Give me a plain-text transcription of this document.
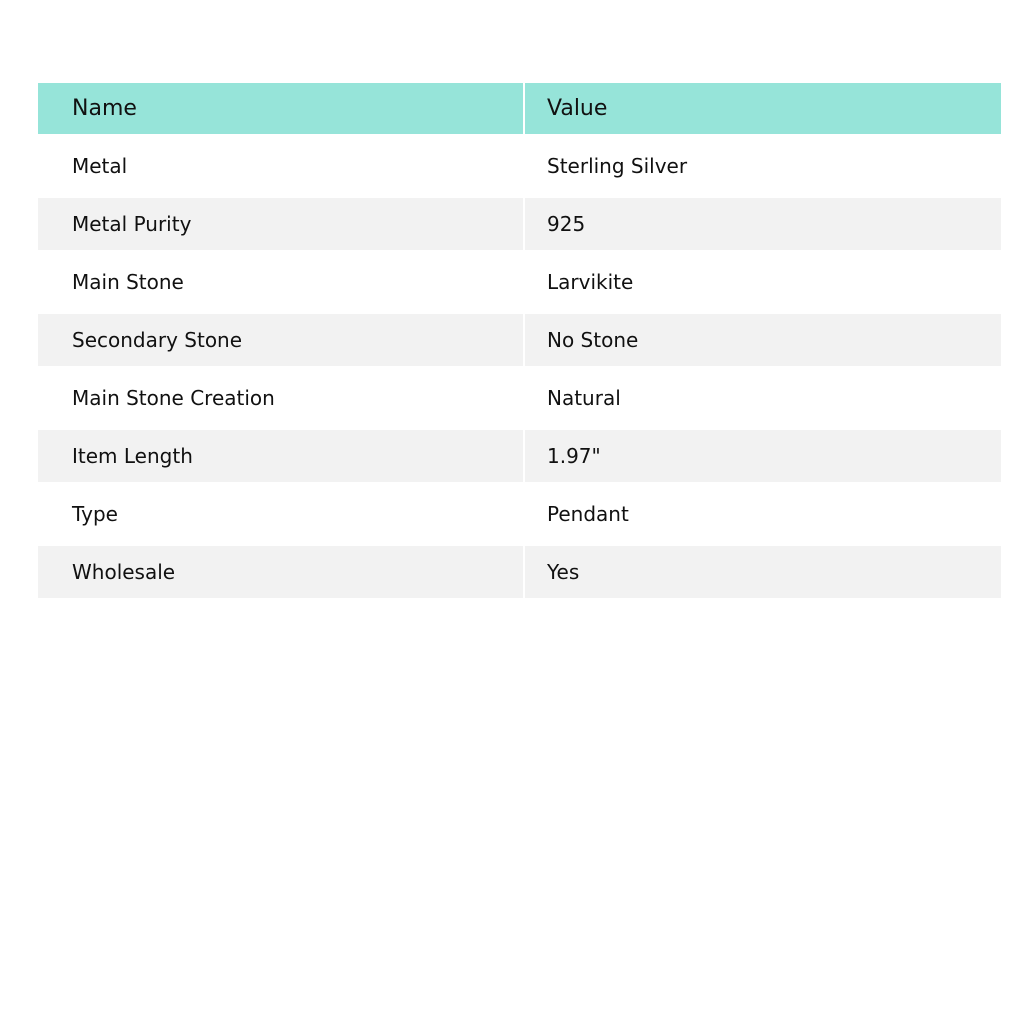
Name	Value
Metal	Sterling Silver
Metal Purity	925
Main Stone	Larvikite
Secondary Stone	No Stone
Main Stone Creation	Natural
Item Length	1.97"
Type	Pendant
Wholesale	Yes
